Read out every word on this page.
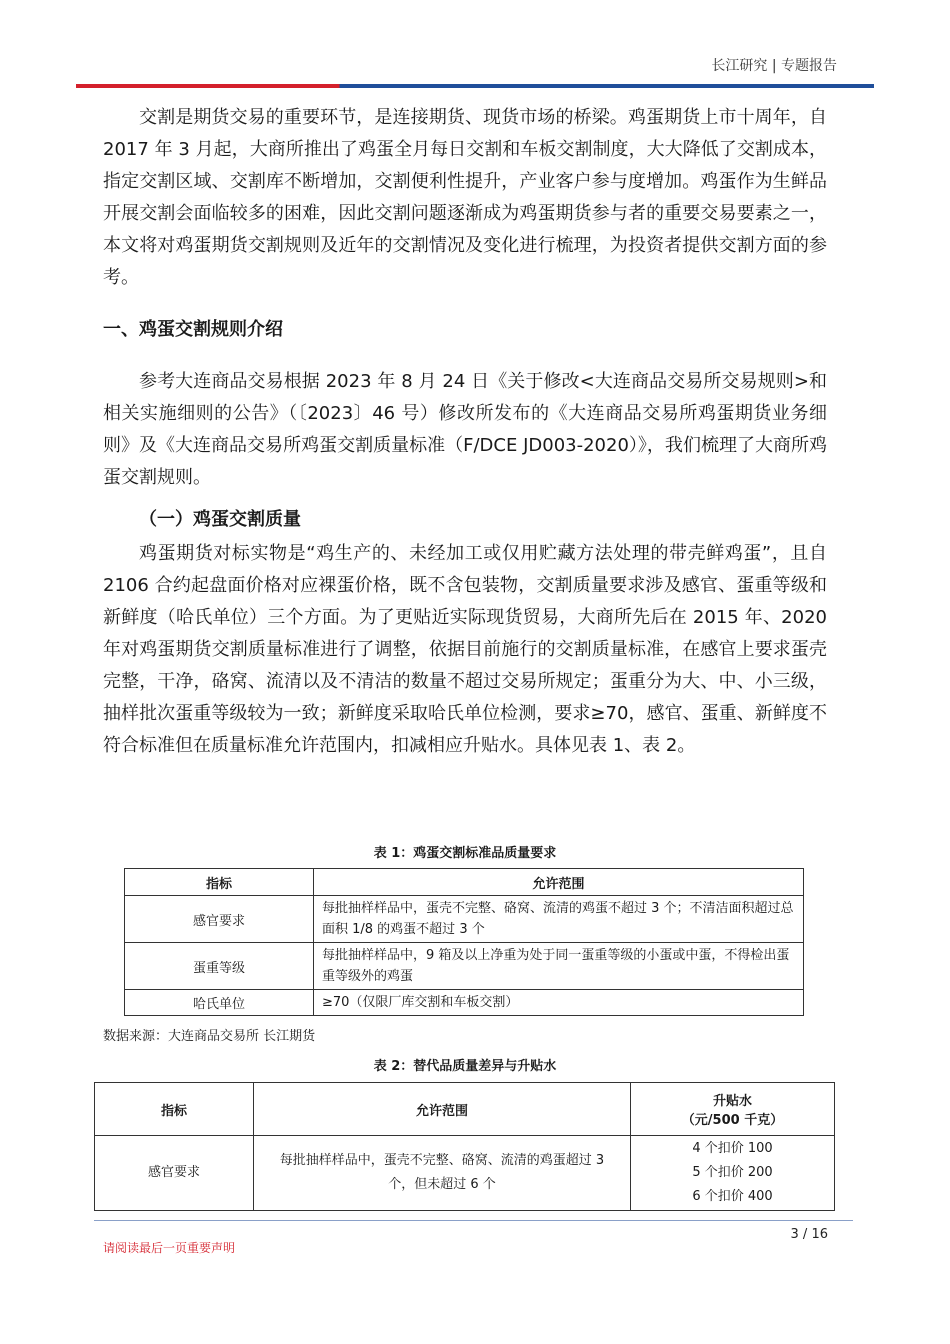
长江研究 | 专题报告

交割是期货交易的重要环节，是连接期货、现货市场的桥梁。鸡蛋期货上市十周年，自 2017 年 3 月起，大商所推出了鸡蛋全月每日交割和车板交割制度，大大降低了交割成本，指定交割区域、交割库不断增加，交割便利性提升，产业客户参与度增加。鸡蛋作为生鲜品开展交割会面临较多的困难，因此交割问题逐渐成为鸡蛋期货参与者的重要交易要素之一，本文将对鸡蛋期货交割规则及近年的交割情况及变化进行梳理，为投资者提供交割方面的参考。

一、鸡蛋交割规则介绍

参考大连商品交易根据 2023 年 8 月 24 日《关于修改<大连商品交易所交易规则>和相关实施细则的公告》（〔2023〕46 号）修改所发布的《大连商品交易所鸡蛋期货业务细则》及《大连商品交易所鸡蛋交割质量标准（F/DCE JD003-2020）》，我们梳理了大商所鸡蛋交割规则。

（一）鸡蛋交割质量

鸡蛋期货对标实物是“鸡生产的、未经加工或仅用贮藏方法处理的带壳鲜鸡蛋”，且自 2106 合约起盘面价格对应裸蛋价格，既不含包装物，交割质量要求涉及感官、蛋重等级和新鲜度（哈氏单位）三个方面。为了更贴近实际现货贸易，大商所先后在 2015 年、2020 年对鸡蛋期货交割质量标准进行了调整，依据目前施行的交割质量标准，在感官上要求蛋壳完整，干净，硌窝、流清以及不清洁的数量不超过交易所规定；蛋重分为大、中、小三级，抽样批次蛋重等级较为一致；新鲜度采取哈氏单位检测，要求≥70，感官、蛋重、新鲜度不符合标准但在质量标准允许范围内，扣减相应升贴水。具体见表 1、表 2。

表 1：鸡蛋交割标准品质量要求

指标	允许范围
感官要求	每批抽样样品中，蛋壳不完整、硌窝、流清的鸡蛋不超过 3 个；不清洁面积超过总面积 1/8 的鸡蛋不超过 3 个
蛋重等级	每批抽样样品中，9 箱及以上净重为处于同一蛋重等级的小蛋或中蛋，不得检出蛋重等级外的鸡蛋
哈氏单位	≥70（仅限厂库交割和车板交割）
数据来源：大连商品交易所 长江期货

表 2：替代品质量差异与升贴水

指标	允许范围	升贴水
（元/500 千克）

感官要求	每批抽样样品中，蛋壳不完整、硌窝、流清的鸡蛋超过 3 个，但未超过 6 个	4 个扣价 100
5 个扣价 200
6 个扣价 400
3 / 16
请阅读最后一页重要声明
